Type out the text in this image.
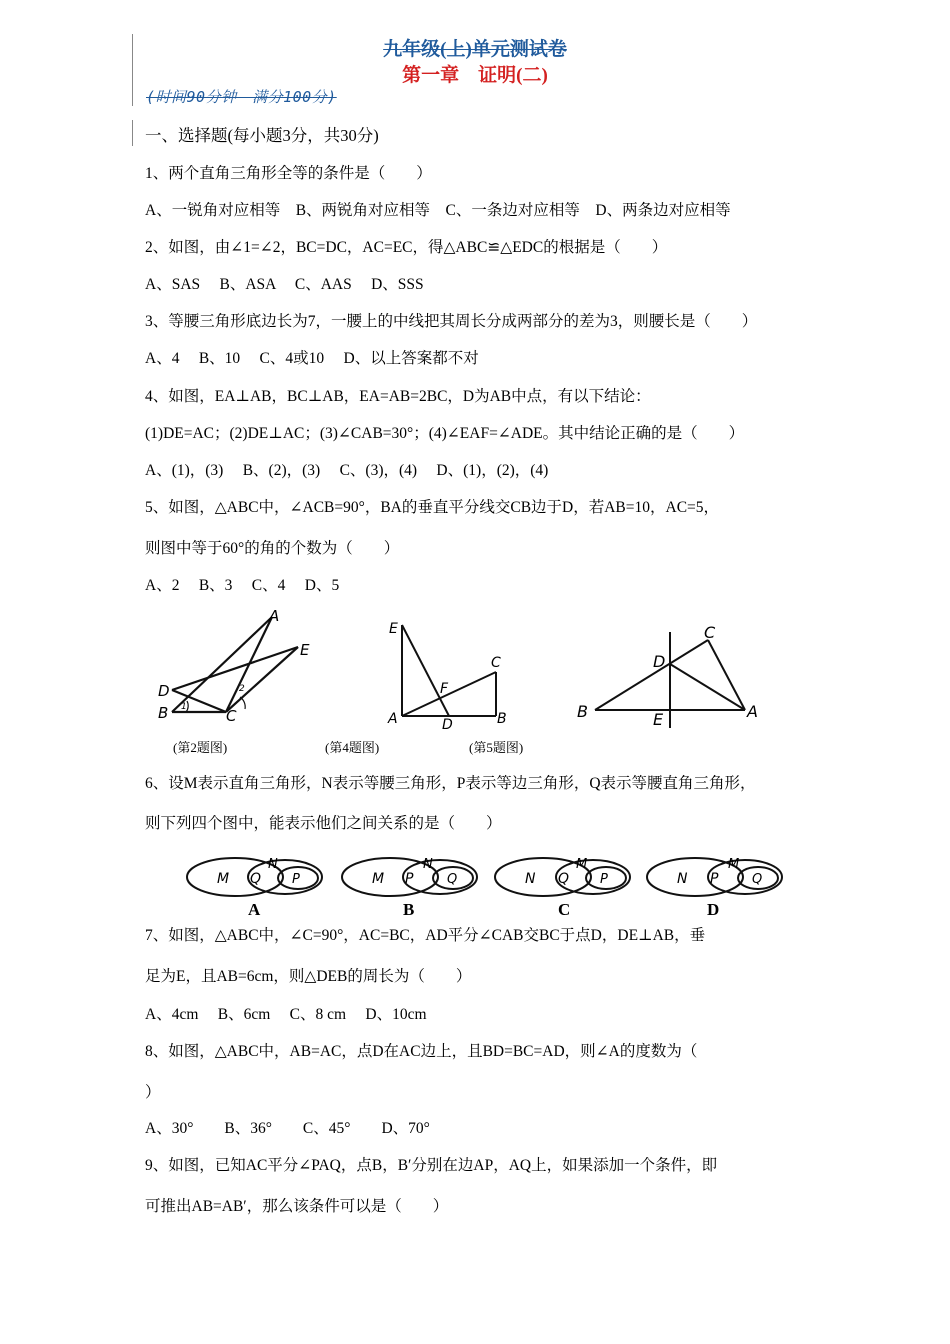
九年级(上)单元测试卷
第一章　证明(二)
(时间90分钟　满分100分)
一、选择题(每小题3分，共30分)
1、两个直角三角形全等的条件是（　　）
A、一锐角对应相等　B、两锐角对应相等　C、一条边对应相等　D、两条边对应相等
2、如图，由∠1=∠2，BC=DC，AC=EC，得△ABC≌△EDC的根据是（　　）
A、SAS　 B、ASA　 C、AAS　 D、SSS
3、等腰三角形底边长为7，一腰上的中线把其周长分成两部分的差为3，则腰长是（　　）
A、4　 B、10　 C、4或10　 D、以上答案都不对
4、如图，EA⊥AB，BC⊥AB，EA=AB=2BC，D为AB中点，有以下结论：
(1)DE=AC；(2)DE⊥AC；(3)∠CAB=30°；(4)∠EAF=∠ADE。其中结论正确的是（　　）
A、(1)，(3)　 B、(2)，(3)　 C、(3)，(4)　 D、(1)，(2)，(4)
5、如图，△ABC中，∠ACB=90°，BA的垂直平分线交CB边于D，若AB=10，AC=5，
则图中等于60°的角的个数为（　　）
A、2　 B、3　 C、4　 D、5
A
E
D
B	C
1
2
E
C
F
A	D	B
C
D
B	E	A
(第2题图)	(第4题图)	(第5题图)
6、设M表示直角三角形，N表示等腰三角形，P表示等边三角形，Q表示等腰直角三角形，
则下列四个图中，能表示他们之间关系的是（　　）
M
N
Q P
A
M
N
P	Q
B
N
M
Q P
C
N
M
P	Q
D
7、如图，△ABC中，∠C=90°，AC=BC，AD平分∠CAB交BC于点D，DE⊥AB，垂
足为E，且AB=6cm，则△DEB的周长为（　　）
A、4cm　 B、6cm　 C、8 cm　 D、10cm
8、如图，△ABC中，AB=AC，点D在AC边上，且BD=BC=AD，则∠A的度数为（
）
A、30°　　B、36°　　C、45°　　D、70°
9、如图，已知AC平分∠PAQ，点B，B′分别在边AP，AQ上，如果添加一个条件，即
可推出AB=AB′，那么该条件可以是（　　）
